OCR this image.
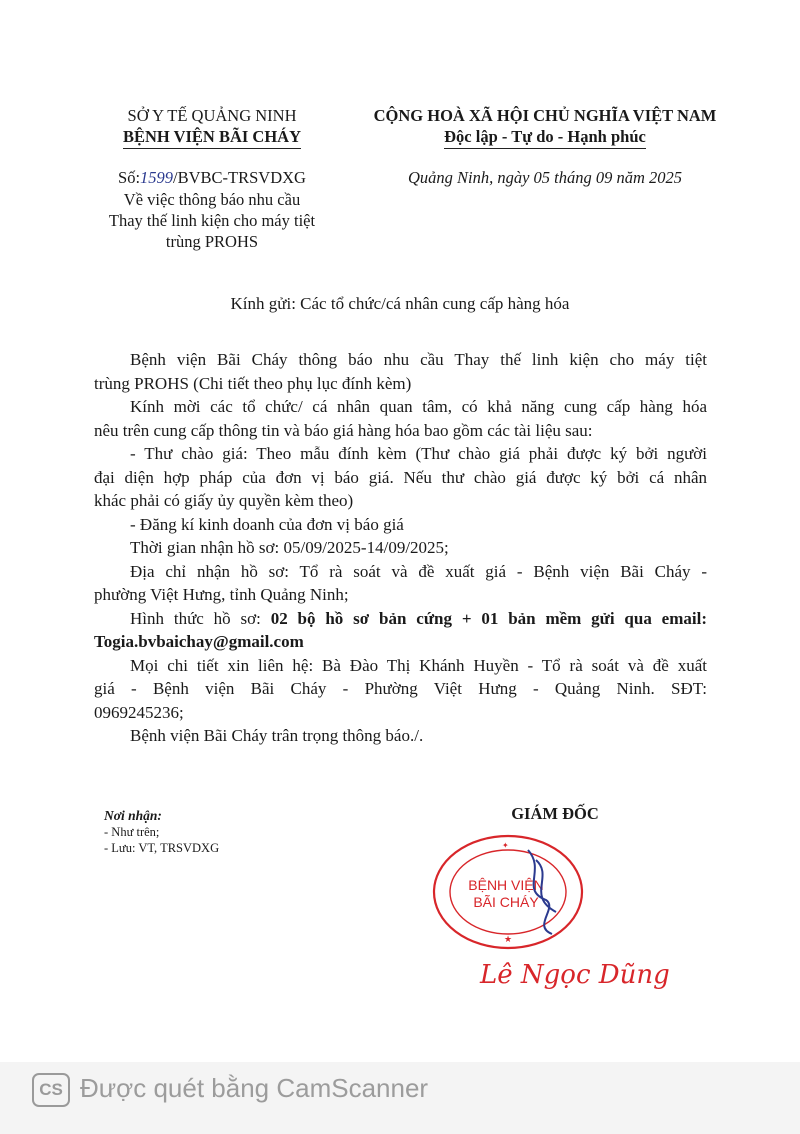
SỞ Y TẾ QUẢNG NINH
BỆNH VIỆN BÃI CHÁY
Số:1599/BVBC-TRSVDXG
Về việc thông báo nhu cầu
Thay thế linh kiện cho máy tiệt
trùng PROHS
CỘNG HOÀ XÃ HỘI CHỦ NGHĨA VIỆT NAM
Độc lập - Tự do - Hạnh phúc
Quảng Ninh, ngày 05 tháng 09 năm 2025
Kính gửi: Các tổ chức/cá nhân cung cấp hàng hóa
Bệnh viện Bãi Cháy thông báo nhu cầu Thay thế linh kiện cho máy tiệt
trùng PROHS (Chi tiết theo phụ lục đính kèm)
Kính mời các tổ chức/ cá nhân quan tâm, có khả năng cung cấp hàng hóa
nêu trên cung cấp thông tin và báo giá hàng hóa bao gồm các tài liệu sau:
- Thư chào giá: Theo mẫu đính kèm (Thư chào giá phải được ký bởi người
đại diện hợp pháp của đơn vị báo giá. Nếu thư chào giá được ký bởi cá nhân
khác phải có giấy ủy quyền kèm theo)
- Đăng kí kinh doanh của đơn vị báo giá
Thời gian nhận hồ sơ: 05/09/2025-14/09/2025;
Địa chỉ nhận hồ sơ: Tổ rà soát và đề xuất giá - Bệnh viện Bãi Cháy -
phường Việt Hưng, tỉnh Quảng Ninh;
Hình thức hồ sơ: 02 bộ hồ sơ bản cứng + 01 bản mềm gửi qua email:
Togia.bvbaichay@gmail.com
Mọi chi tiết xin liên hệ: Bà Đào Thị Khánh Huyền - Tổ rà soát và đề xuất
giá - Bệnh viện Bãi Cháy - Phường Việt Hưng - Quảng Ninh. SĐT:
0969245236;
Bệnh viện Bãi Cháy trân trọng thông báo./.
Nơi nhận:
- Như trên;
- Lưu: VT, TRSVDXG
GIÁM ĐỐC
✦
★
BỆNH VIỆN
BÃI CHÁY
Lê Ngọc Dũng
CS Được quét bằng CamScanner
